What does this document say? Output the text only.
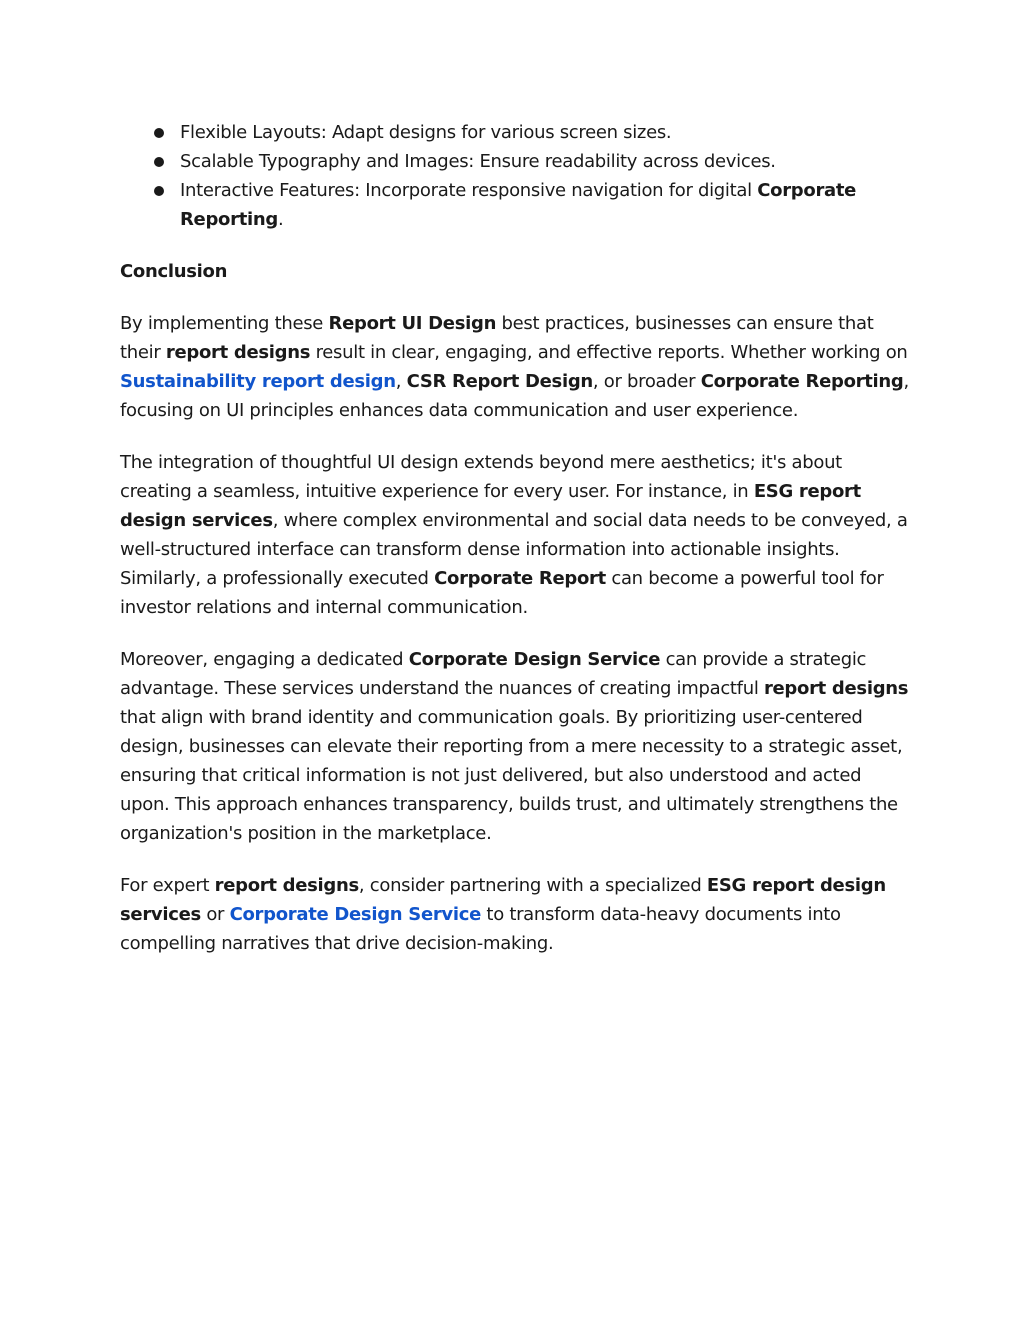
Flexible Layouts: Adapt designs for various screen sizes.
Scalable Typography and Images: Ensure readability across devices.
Interactive Features: Incorporate responsive navigation for digital Corporate Reporting.
Conclusion

By implementing these Report UI Design best practices, businesses can ensure that their report designs result in clear, engaging, and effective reports. Whether working on Sustainability report design, CSR Report Design, or broader Corporate Reporting, focusing on UI principles enhances data communication and user experience.

The integration of thoughtful UI design extends beyond mere aesthetics; it's about creating a seamless, intuitive experience for every user. For instance, in ESG report design services, where complex environmental and social data needs to be conveyed, a well-structured interface can transform dense information into actionable insights. Similarly, a professionally executed Corporate Report can become a powerful tool for investor relations and internal communication.

Moreover, engaging a dedicated Corporate Design Service can provide a strategic advantage. These services understand the nuances of creating impactful report designs that align with brand identity and communication goals. By prioritizing user-centered design, businesses can elevate their reporting from a mere necessity to a strategic asset, ensuring that critical information is not just delivered, but also understood and acted upon. This approach enhances transparency, builds trust, and ultimately strengthens the organization's position in the marketplace.

For expert report designs, consider partnering with a specialized ESG report design services or Corporate Design Service to transform data-heavy documents into compelling narratives that drive decision-making.
